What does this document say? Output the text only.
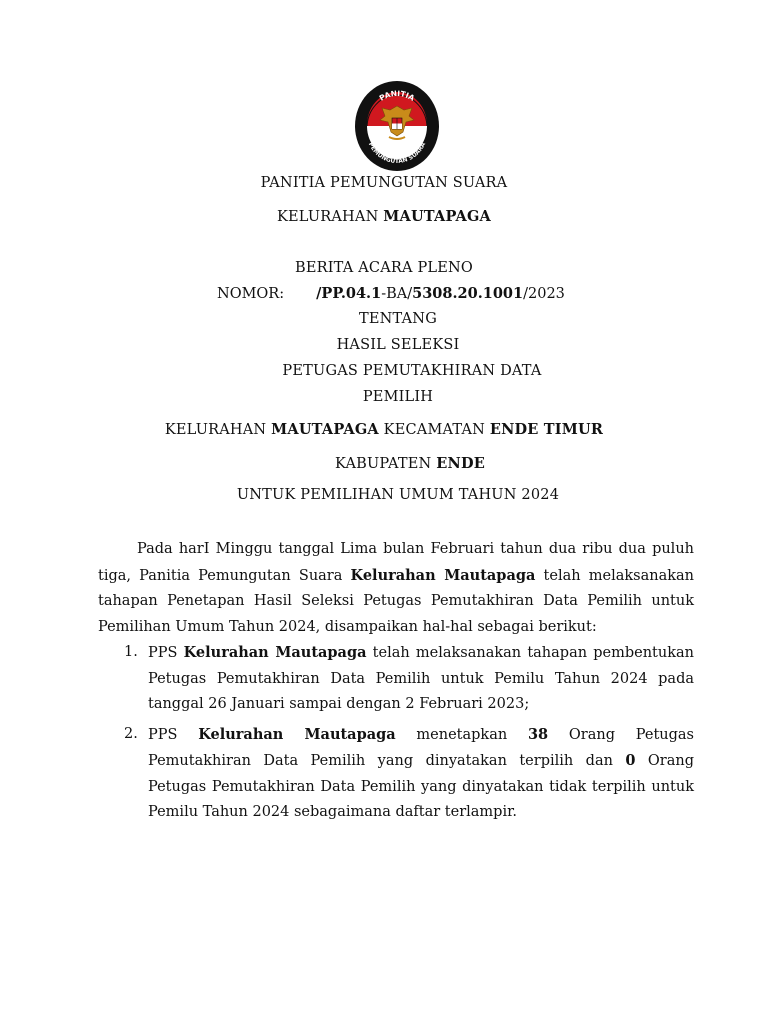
PANITIA
PEMUNGUTAN SUARA
PANITIA PEMUNGUTAN SUARA
KELURAHAN MAUTAPAGA
BERITA ACARA PLENO
NOMOR: /PP.04.1-BA/5308.20.1001/2023
TENTANG
HASIL SELEKSI
PETUGAS PEMUTAKHIRAN DATA
PEMILIH
KELURAHAN MAUTAPAGA KECAMATAN ENDE TIMUR
KABUPATEN ENDE
UNTUK PEMILIHAN UMUM TAHUN 2024

Pada harI Minggu tanggal Lima bulan Februari tahun dua ribu dua puluh tiga, Panitia Pemungutan Suara Kelurahan Mautapaga telah melaksanakan tahapan Penetapan Hasil Seleksi Petugas Pemutakhiran Data Pemilih untuk Pemilihan Umum Tahun 2024, disampaikan hal-hal sebagai berikut:

1. PPS Kelurahan Mautapaga telah melaksanakan tahapan pembentukan Petugas Pemutakhiran Data Pemilih untuk Pemilu Tahun 2024 pada tanggal 26 Januari sampai dengan 2 Februari 2023;
2. PPS Kelurahan Mautapaga menetapkan 38 Orang Petugas Pemutakhiran Data Pemilih yang dinyatakan terpilih dan 0 Orang Petugas Pemutakhiran Data Pemilih yang dinyatakan tidak terpilih untuk Pemilu Tahun 2024 sebagaimana daftar terlampir.
